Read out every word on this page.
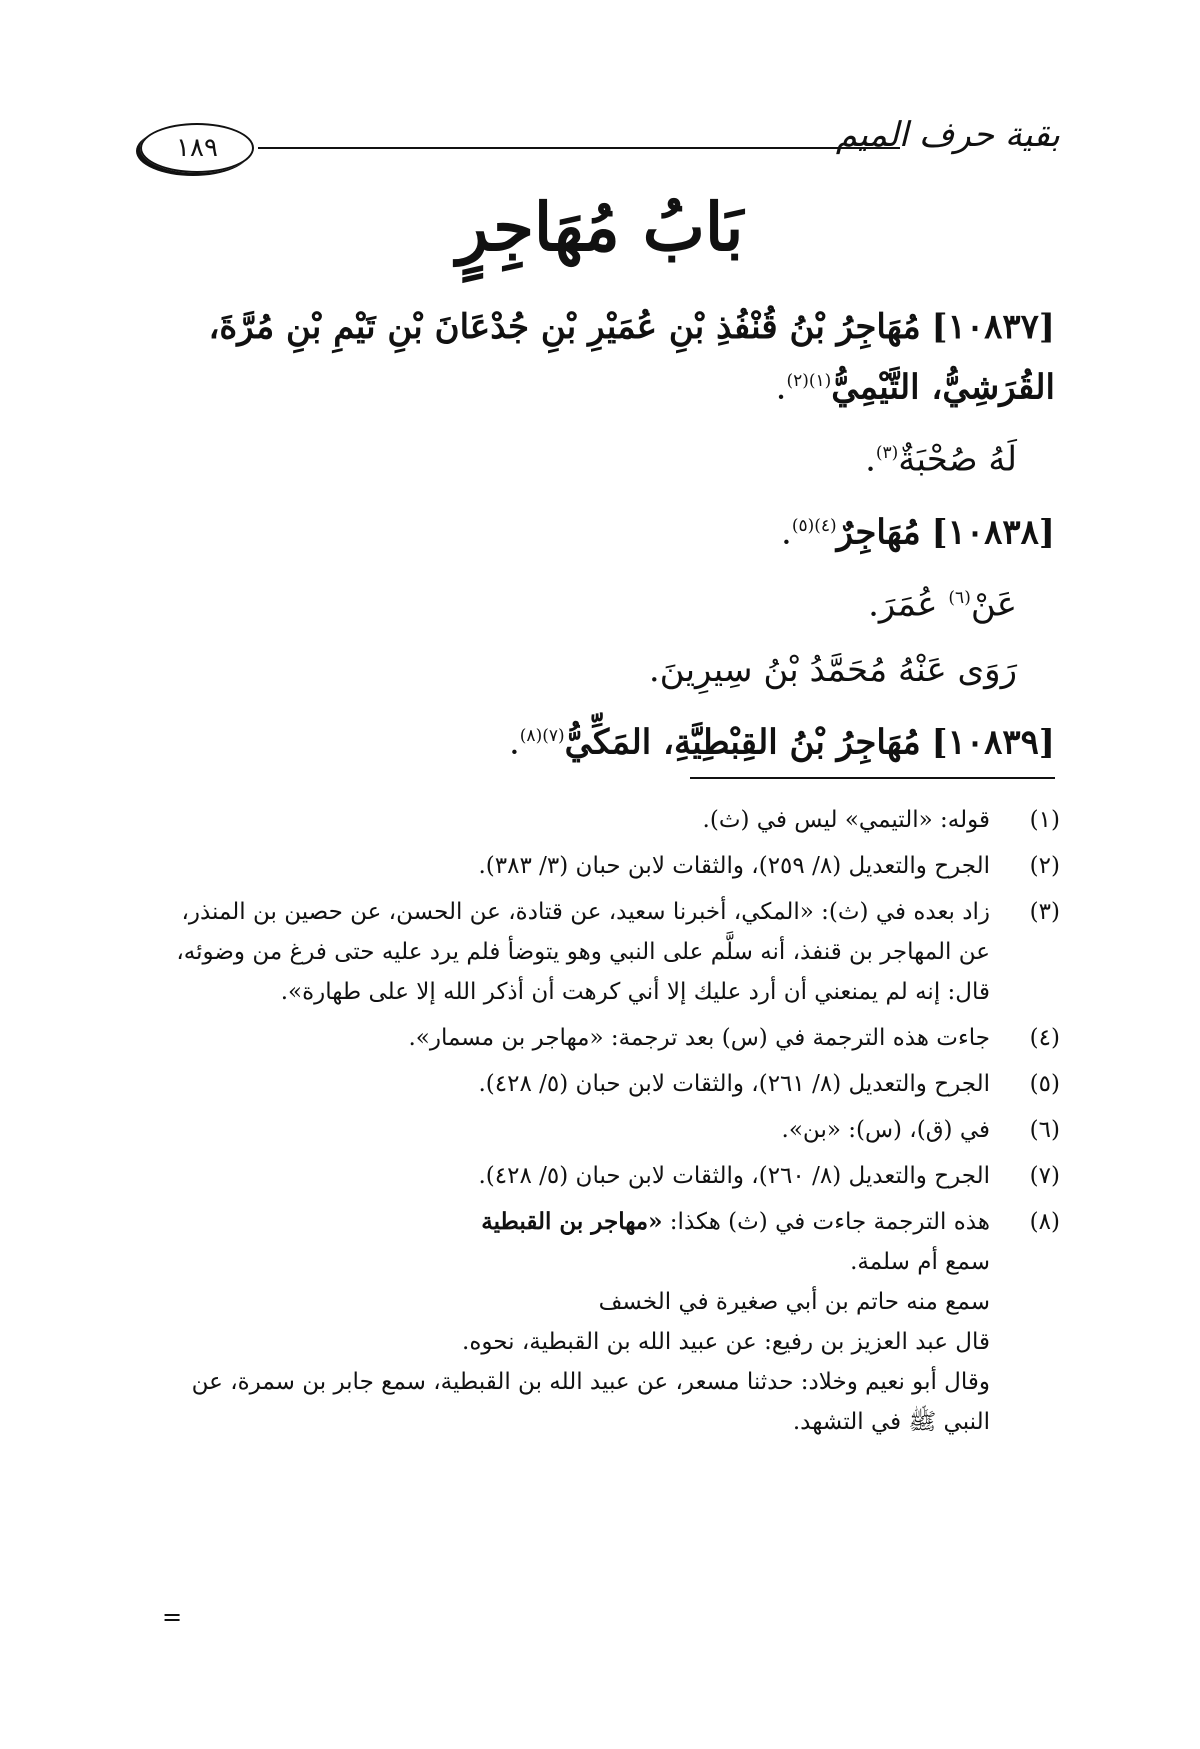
١٨٩	بقية حرف الميم
بَابُ مُهَاجِرٍ

[١٠٨٣٧] مُهَاجِرُ بْنُ قُنْفُذِ بْنِ عُمَيْرِ بْنِ جُدْعَانَ بْنِ تَيْمِ بْنِ مُرَّةَ، القُرَشِيُّ، التَّيْمِيُّ$^{(١)(٢)}$.

لَهُ صُحْبَةٌ$^{(٣)}$.

[١٠٨٣٨] مُهَاجِرٌ$^{(٤)(٥)}$.

عَنْ$^{(٦)}$ عُمَرَ.

رَوَى عَنْهُ مُحَمَّدُ بْنُ سِيرِينَ.

[١٠٨٣٩] مُهَاجِرُ بْنُ القِبْطِيَّةِ، المَكِّيُّ$^{(٧)(٨)}$.

(١)

قوله: «التيمي» ليس في (ث).

(٢)

الجرح والتعديل (٨/ ٢٥٩)، والثقات لابن حبان (٣/ ٣٨٣).

(٣)

زاد بعده في (ث): «المكي، أخبرنا سعيد، عن قتادة، عن الحسن، عن حصين بن المنذر، عن المهاجر بن قنفذ، أنه سلَّم على النبي وهو يتوضأ فلم يرد عليه حتى فرغ من وضوئه، قال: إنه لم يمنعني أن أرد عليك إلا أني كرهت أن أذكر الله إلا على طهارة».

(٤)

جاءت هذه الترجمة في (س) بعد ترجمة: «مهاجر بن مسمار».

(٥)

الجرح والتعديل (٨/ ٢٦١)، والثقات لابن حبان (٥/ ٤٢٨).

(٦)

في (ق)، (س): «بن».

(٧)

الجرح والتعديل (٨/ ٢٦٠)، والثقات لابن حبان (٥/ ٤٢٨).

(٨)

هذه الترجمة جاءت في (ث) هكذا: «مهاجر بن القبطية

سمع أم سلمة.

سمع منه حاتم بن أبي صغيرة في الخسف

قال عبد العزيز بن رفيع: عن عبيد الله بن القبطية، نحوه.

وقال أبو نعيم وخلاد: حدثنا مسعر، عن عبيد الله بن القبطية، سمع جابر بن سمرة، عن النبي ﷺ في التشهد.

=
